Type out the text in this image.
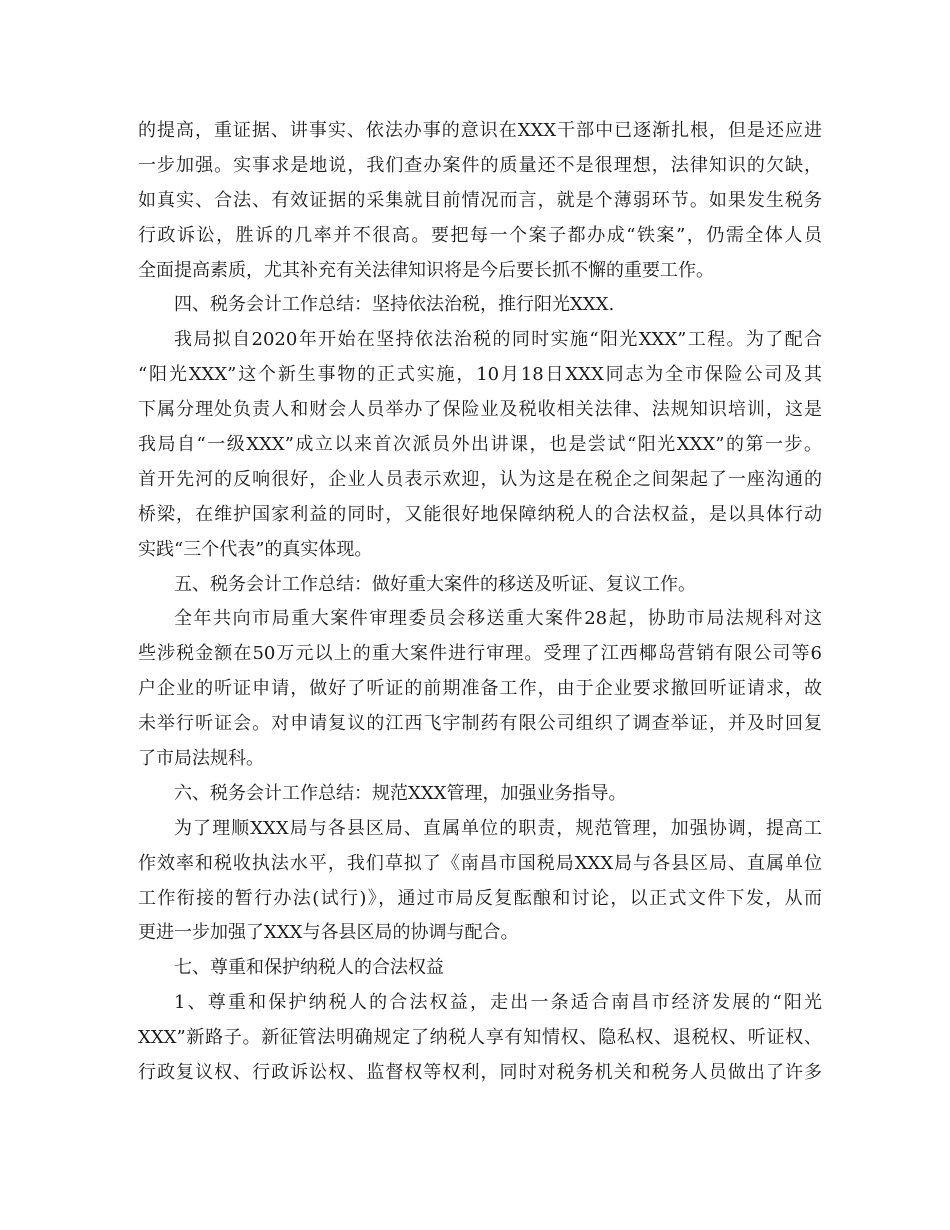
的提高，重证据、讲事实、依法办事的意识在XXX干部中已逐渐扎根，但是还应进
一步加强。实事求是地说，我们查办案件的质量还不是很理想，法律知识的欠缺，
如真实、合法、有效证据的采集就目前情况而言，就是个薄弱环节。如果发生税务
行政诉讼，胜诉的几率并不很高。要把每一个案子都办成“铁案”，仍需全体人员
全面提高素质，尤其补充有关法律知识将是今后要长抓不懈的重要工作。
四、税务会计工作总结：坚持依法治税，推行阳光XXX.
我局拟自2020年开始在坚持依法治税的同时实施“阳光XXX”工程。为了配合
“阳光XXX”这个新生事物的正式实施，10月18日XXX同志为全市保险公司及其
下属分理处负责人和财会人员举办了保险业及税收相关法律、法规知识培训，这是
我局自“一级XXX”成立以来首次派员外出讲课，也是尝试“阳光XXX”的第一步。
首开先河的反响很好，企业人员表示欢迎，认为这是在税企之间架起了一座沟通的
桥梁，在维护国家利益的同时，又能很好地保障纳税人的合法权益，是以具体行动
实践“三个代表”的真实体现。
五、税务会计工作总结：做好重大案件的移送及听证、复议工作。
全年共向市局重大案件审理委员会移送重大案件28起，协助市局法规科对这
些涉税金额在50万元以上的重大案件进行审理。受理了江西椰岛营销有限公司等6
户企业的听证申请，做好了听证的前期准备工作，由于企业要求撤回听证请求，故
未举行听证会。对申请复议的江西飞宇制药有限公司组织了调查举证，并及时回复
了市局法规科。
六、税务会计工作总结：规范XXX管理，加强业务指导。
为了理顺XXX局与各县区局、直属单位的职责，规范管理，加强协调，提高工
作效率和税收执法水平，我们草拟了《南昌市国税局XXX局与各县区局、直属单位
工作衔接的暂行办法(试行)》，通过市局反复酝酿和讨论，以正式文件下发，从而
更进一步加强了XXX与各县区局的协调与配合。
七、尊重和保护纳税人的合法权益
1、尊重和保护纳税人的合法权益，走出一条适合南昌市经济发展的“阳光
XXX”新路子。新征管法明确规定了纳税人享有知情权、隐私权、退税权、听证权、
行政复议权、行政诉讼权、监督权等权利，同时对税务机关和税务人员做出了许多
